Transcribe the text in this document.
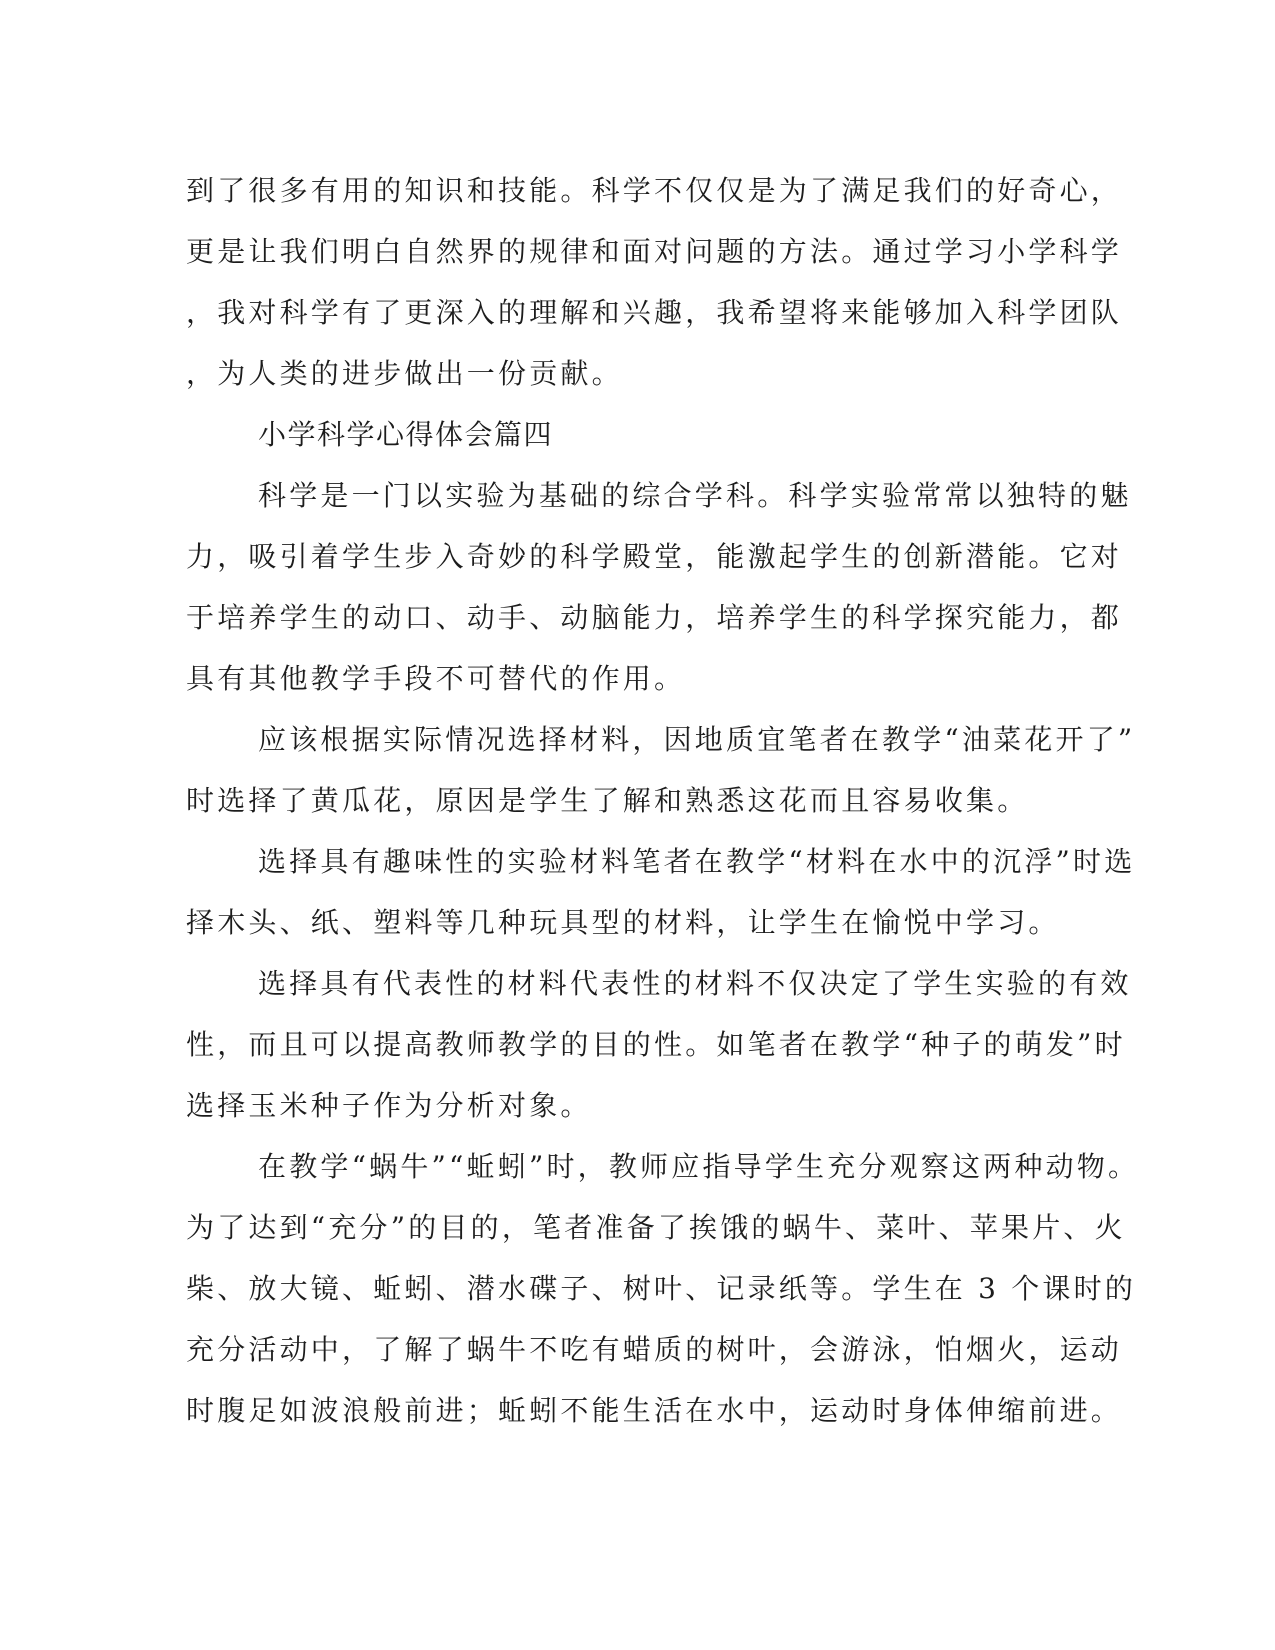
到了很多有用的知识和技能。科学不仅仅是为了满足我们的好奇心，
更是让我们明白自然界的规律和面对问题的方法。通过学习小学科学
，我对科学有了更深入的理解和兴趣，我希望将来能够加入科学团队
，为人类的进步做出一份贡献。
小学科学心得体会篇四
科学是一门以实验为基础的综合学科。科学实验常常以独特的魅
力，吸引着学生步入奇妙的科学殿堂，能激起学生的创新潜能。它对
于培养学生的动口、动手、动脑能力，培养学生的科学探究能力，都
具有其他教学手段不可替代的作用。
应该根据实际情况选择材料，因地质宜笔者在教学“油菜花开了”
时选择了黄瓜花，原因是学生了解和熟悉这花而且容易收集。
选择具有趣味性的实验材料笔者在教学“材料在水中的沉浮”时选
择木头、纸、塑料等几种玩具型的材料，让学生在愉悦中学习。
选择具有代表性的材料代表性的材料不仅决定了学生实验的有效
性，而且可以提高教师教学的目的性。如笔者在教学“种子的萌发”时
选择玉米种子作为分析对象。
在教学“蜗牛”“蚯蚓”时，教师应指导学生充分观察这两种动物。
为了达到“充分”的目的，笔者准备了挨饿的蜗牛、菜叶、苹果片、火
柴、放大镜、蚯蚓、潜水碟子、树叶、记录纸等。学生在 3 个课时的
充分活动中，了解了蜗牛不吃有蜡质的树叶，会游泳，怕烟火，运动
时腹足如波浪般前进；蚯蚓不能生活在水中，运动时身体伸缩前进。
